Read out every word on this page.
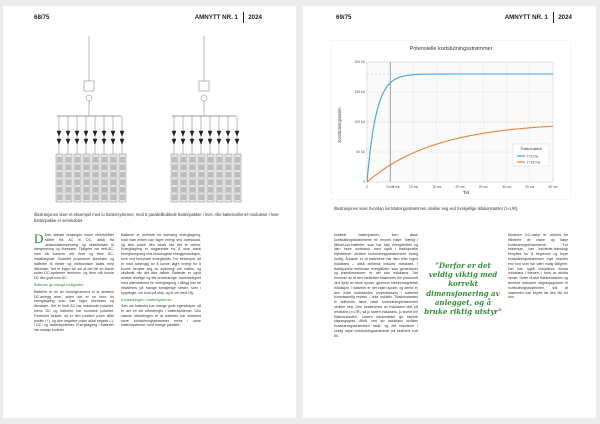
68/75	AMNYTT NR. 1 2024
Illustrasjonen viser et eksempel med to batterisystemer, med 8 parallellkoblede batteripakker i hver. Alle battericellene/-modulene i hver batteripakke er seriekoblet.

D Den største endringen innen elektrobåter skiftet fra AC til DC, altså fra vekselstrømspenning og vekselstrøm til likespenning og likestrøm. Tidligere var nett-AC, men nå kommer det flere og flere DC-installasjoner. Solceller produserer likestrøm, og batterier til elbiler og elektroniske lades med likestrøm. Det er ingen tvil om at det blir en større andel DC-systemer fremover, og flere må kunne DC like godt som AC.

Batterier gir mange muligheter

Batterier er en av hovedgrunnene til at andelen DC-anlegg øker, siden det er en form for energilagring som kan lagre likestrøm og likestrøm. Det er fordi AC har vekslende polaritet, mens DC og batterier har konstant polaritet. Forenklet forklart, så er den positive polen alltid positiv (+), og den negative polen alltid negativ (-), i DC- og batterisystemer. Energilagring i batterier har mange fordeler.

Batterier er perfekte for kortvarig energilagring, foldi man enkelt kan lagre energi ved overskudd, og ikke bruke den lokalt når det er behov. Energilagring er avgjørende for å skre stabil energiforsyning ved uforutsigbar energiproduksjon, som ved fornybare energikilder. For eksempel, så er man avhengig av å kunne lagre energi for å kunne benytte seg av solenergi om natten, og vindkraft når det ikke blåser. Batterier er også relativt rimelige og lett anvendelige, sammenlignet med alternativene for energilagring. I tillegg kan de installeres på mange forskjellige steder, som i bygninger, om bord på skip, og til om med i fly.

Kortslutninger i batterisystemer

Selv om batterier har mange gode egenskaper, så er det en del utfordringer i batterisystemer. Den største utfordringen er at batterier har ekstremt store kortslutningsstrømmer mens i store batterisystemer, med mange parallell-

69/75	AMNYTT NR. 1 2024
Potensielle kortslutningsstrømmer
0	5 ms	10 ms	15 ms	20 ms	25 ms	30 ms	35 ms	40 ms
0
50 kA
100 kA
150 kA
200 kA
5 ms
Tidskonstant
τ=2 ms
τ=15 ms
Kortslutningsstrøm
Tid
Illustrasjonen viser hvordan kortslutningsstrømmen utvikler seg ved forskjellige tidskonstanter (τ=L/R).

koblede batteripakker, kan disse kortslutningsstrømmene bli enormt høye. Særlig i lithium-ion-batterier, som har høy energitetthet og liten indre motstand, men også i tradisjonelle blybatterier utvikles kortslutningsstrømmene veldig hurtig. Årsaken er at batteriene har liten eller ingen induktans – altså elektrisk induktiv motstand. I tradisjonelle elektriske energikilder, som generatorer og transformatorer, er det stor induktans. Det hummer av at den elektriske strømmen blir produsert ved hjelp av store spoler, gjennom elektromagnetisk induksjon. I batterier er det ingen spoler, og derfor er den indre motstanden (impedansen) i batteriet hovedsakelig resistiv – ikke induktiv. Tidskonstanten til driftverier fører raskt kortslutningsstrømmen utvikler seg. Den bestemmes av induktans delt på resistans (τ=L/R), så jo lavere induktans, jo lavere blir tidskonstanten. Lavere tidskonstant gir høyere stigningsgrad. Altså, ved lav induktans utvikles kortslutningsstrømmen raskt, og det resulterer i veldig høye kortslutningsstrømmer på ekstremt kort tid.

"Derfor er det veldig viktig med korrekt dimensjonering av anlegget, og å bruke riktig utstyr"

Moderne DC-utstyr er utviklet for hånterer de raske og høye kortslutningsstrømmene. For eksempel, kan halvleder-teknologi benyttes for å begrense og bryte kortslutningsstrømmen mye raskere enn hva som har vært mulig tidligere. Det kan også installeres ekstra induktans i lineken, i form av ekstra spoler. Dette vil øke tidskonstanten og dermed redusere stigningsgraden til kortslutningsstrømmen, slik at strømmen kan brytes før den blir for stor.
